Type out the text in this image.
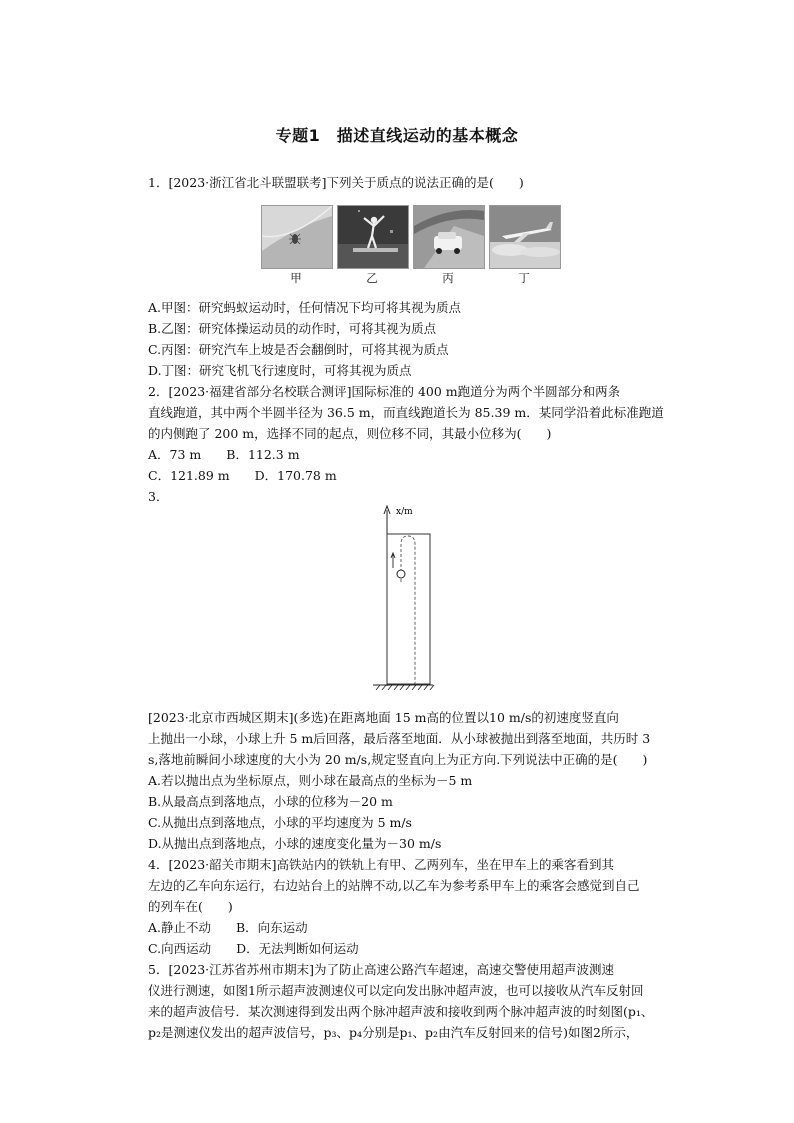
专题1　描述直线运动的基本概念
1．[2023·浙江省北斗联盟联考]下列关于质点的说法正确的是(　　)
甲	乙	丙	丁
A.甲图：研究蚂蚁运动时，任何情况下均可将其视为质点
B.乙图：研究体操运动员的动作时，可将其视为质点
C.丙图：研究汽车上坡是否会翻倒时，可将其视为质点
D.丁图：研究飞机飞行速度时，可将其视为质点
2．[2023·福建省部分名校联合测评]国际标准的 400 m跑道分为两个半圆部分和两条
直线跑道，其中两个半圆半径为 36.5 m，而直线跑道长为 85.39 m．某同学沿着此标准跑道
的内侧跑了 200 m，选择不同的起点，则位移不同，其最小位移为(　　)
A．73 m　　B．112.3 m
C．121.89 m　　D．170.78 m
3．
x/m
[2023·北京市西城区期末](多选)在距离地面 15 m高的位置以10 m/s的初速度竖直向
上抛出一小球，小球上升 5 m后回落，最后落至地面．从小球被抛出到落至地面，共历时 3
s,落地前瞬间小球速度的大小为 20 m/s,规定竖直向上为正方向.下列说法中正确的是(　　)
A.若以抛出点为坐标原点，则小球在最高点的坐标为－5 m
B.从最高点到落地点，小球的位移为－20 m
C.从抛出点到落地点，小球的平均速度为 5 m/s
D.从抛出点到落地点，小球的速度变化量为－30 m/s
4．[2023·韶关市期末]高铁站内的铁轨上有甲、乙两列车，坐在甲车上的乘客看到其
左边的乙车向东运行，右边站台上的站牌不动,以乙车为参考系甲车上的乘客会感觉到自己
的列车在(　　)
A.静止不动　　B．向东运动
C.向西运动　　D．无法判断如何运动
5．[2023·江苏省苏州市期末]为了防止高速公路汽车超速，高速交警使用超声波测速
仪进行测速，如图1所示超声波测速仪可以定向发出脉冲超声波，也可以接收从汽车反射回
来的超声波信号．某次测速得到发出两个脉冲超声波和接收到两个脉冲超声波的时刻图(p₁、
p₂是测速仪发出的超声波信号，p₃、p₄分别是p₁、p₂由汽车反射回来的信号)如图2所示，
